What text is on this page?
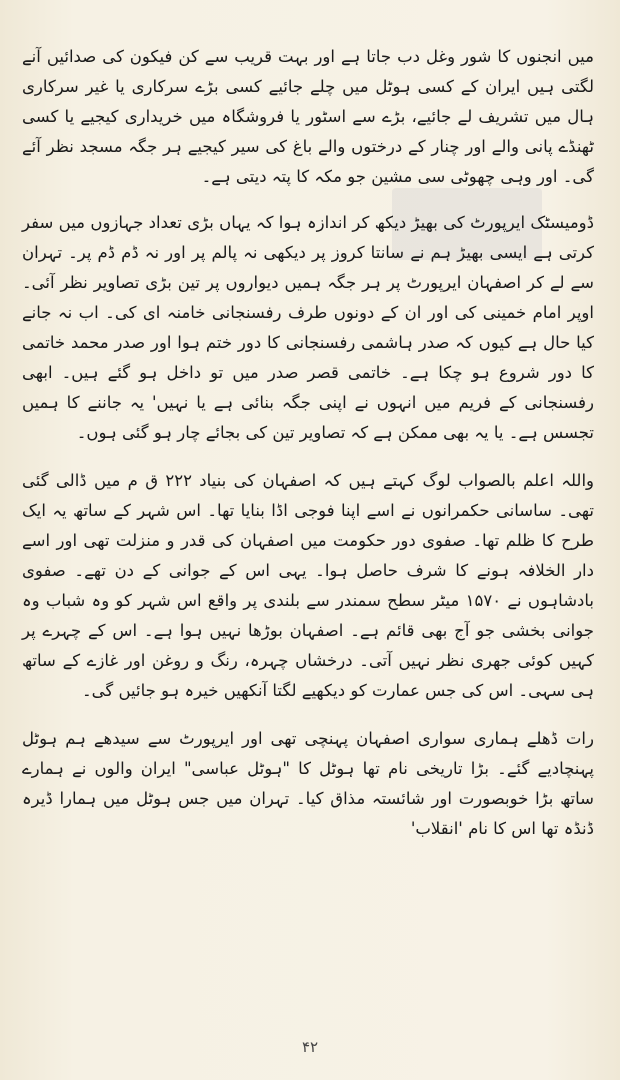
میں انجنوں کا شور وغل دب جاتا ہے اور بہت قریب سے کن فیکون کی صدائیں آنے لگتی ہیں ایران کے کسی ہوٹل میں چلے جائیے کسی بڑے سرکاری یا غیر سرکاری ہال میں تشریف لے جائیے، بڑے سے اسٹور یا فروشگاہ میں خریداری کیجیے یا کسی ٹھنڈے پانی والے اور چنار کے درختوں والے باغ کی سیر کیجیے ہر جگہ مسجد نظر آئے گی۔ اور وہی چھوٹی سی مشین جو مکہ کا پتہ دیتی ہے۔

ڈومیسٹک ایرپورٹ کی بھیڑ دیکھ کر اندازہ ہوا کہ یہاں بڑی تعداد جہازوں میں سفر کرتی ہے ایسی بھیڑ ہم نے سانتا کروز پر دیکھی نہ پالم پر اور نہ ڈم ڈم پر۔ تہران سے لے کر اصفہان ایرپورٹ پر ہر جگہ ہمیں دیواروں پر تین بڑی تصاویر نظر آئی۔ اوپر امام خمینی کی اور ان کے دونوں طرف رفسنجانی خامنہ ای کی۔ اب نہ جانے کیا حال ہے کیوں کہ صدر ہاشمی رفسنجانی کا دور ختم ہوا اور صدر محمد خاتمی کا دور شروع ہو چکا ہے۔ خاتمی قصر صدر میں تو داخل ہو گئے ہیں۔ ابھی رفسنجانی کے فریم میں انہوں نے اپنی جگہ بنائی ہے یا نہیں' یہ جاننے کا ہمیں تجسس ہے۔ یا یہ بھی ممکن ہے کہ تصاویر تین کی بجائے چار ہو گئی ہوں۔

واللہ اعلم بالصواب لوگ کہتے ہیں کہ اصفہان کی بنیاد ۲۲۲ ق م میں ڈالی گئی تھی۔ ساسانی حکمرانوں نے اسے اپنا فوجی اڈا بنایا تھا۔ اس شہر کے ساتھ یہ ایک طرح کا ظلم تھا۔ صفوی دور حکومت میں اصفہان کی قدر و منزلت تھی اور اسے دار الخلافہ ہونے کا شرف حاصل ہوا۔ یہی اس کے جوانی کے دن تھے۔ صفوی بادشاہوں نے ۱۵۷۰ میٹر سطح سمندر سے بلندی پر واقع اس شہر کو وہ شباب وہ جوانی بخشی جو آج بھی قائم ہے۔ اصفہان بوڑھا نہیں ہوا ہے۔ اس کے چہرے پر کہیں کوئی جھری نظر نہیں آتی۔ درخشاں چہرہ، رنگ و روغن اور غازے کے ساتھ ہی سہی۔ اس کی جس عمارت کو دیکھیے لگتا آنکھیں خیرہ ہو جائیں گی۔

رات ڈھلے ہماری سواری اصفہان پہنچی تھی اور ایرپورٹ سے سیدھے ہم ہوٹل پہنچادیے گئے۔ بڑا تاریخی نام تھا ہوٹل کا "ہوٹل عباسی" ایران والوں نے ہمارے ساتھ بڑا خوبصورت اور شائستہ مذاق کیا۔ تہران میں جس ہوٹل میں ہمارا ڈیرہ ڈنڈہ تھا اس کا نام 'انقلاب'

۴۲
